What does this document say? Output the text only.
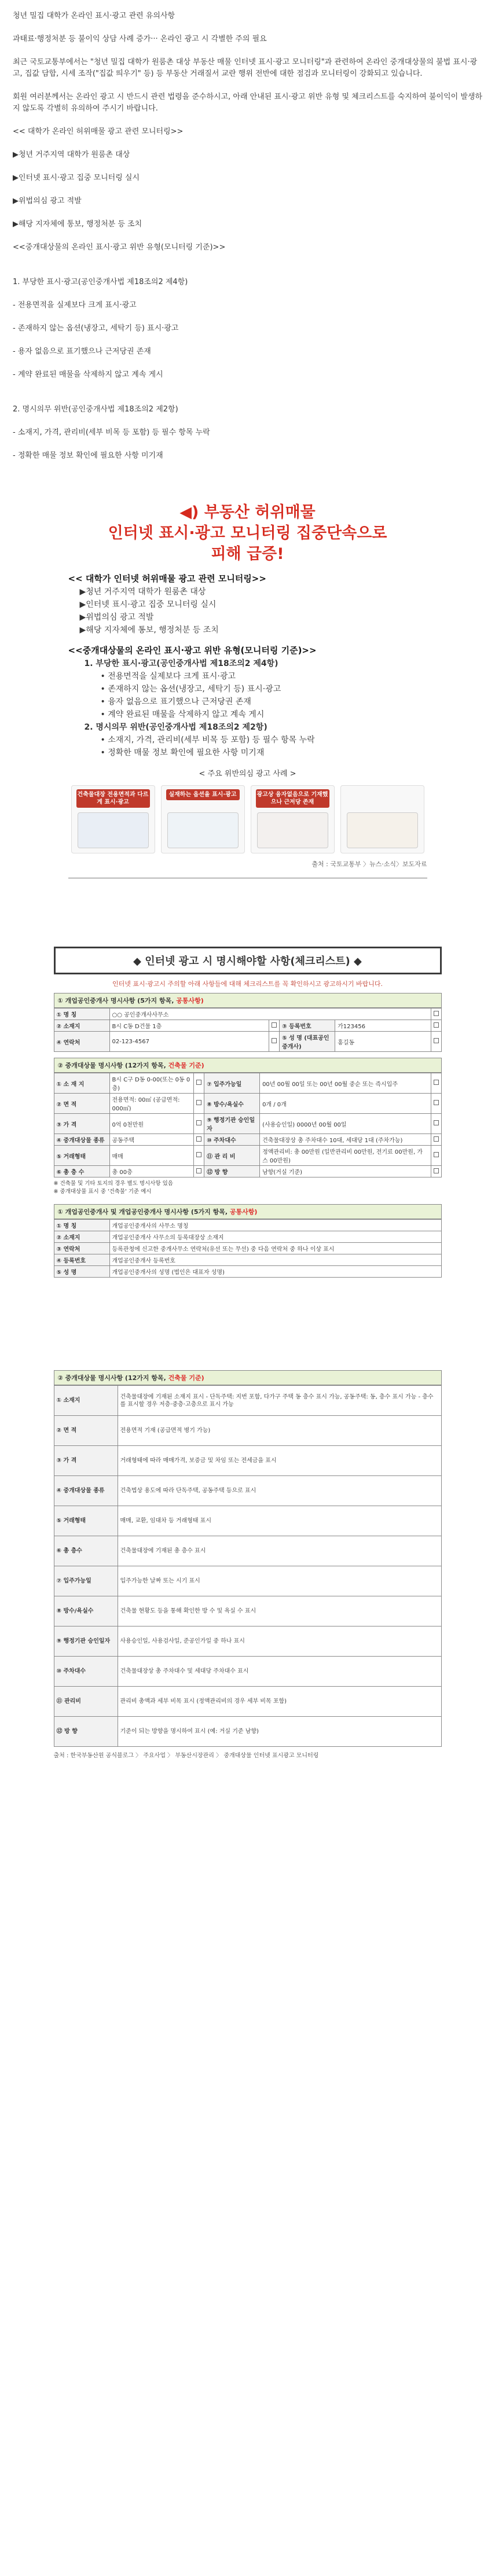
청년 밀집 대학가 온라인 표시·광고 관련 유의사항
과태료·행정처분 등 불이익 상담 사례 증가··· 온라인 광고 시 각별한 주의 필요
최근 국토교통부에서는 "청년 밀집 대학가 원룸촌 대상 부동산 매물 인터넷 표시·광고 모니터링"과 관련하여 온라인 중개대상물의 불법 표시·광고, 집값 담합, 시세 조작("집값 띄우기" 등) 등 부동산 거래질서 교란 행위 전반에 대한 점검과 모니터링이 강화되고 있습니다.
회원 여러분께서는 온라인 광고 시 반드시 관련 법령을 준수하시고, 아래 안내된 표시·광고 위반 유형 및 체크리스트를 숙지하여 불이익이 발생하지 않도록 각별히 유의하여 주시기 바랍니다.
<< 대학가 온라인 허위매물 광고 관련 모니터링>>
▶청년 거주지역 대학가 원룸촌 대상
▶인터넷 표시·광고 집중 모니터링 실시
▶위법의심 광고 적발
▶해당 지자체에 통보, 행정처분 등 조치
<<중개대상물의 온라인 표시·광고 위반 유형(모니터링 기준)>>
1. 부당한 표시·광고(공인중개사법 제18조의2 제4항)
- 전용면적을 실제보다 크게 표시·광고
- 존재하지 않는 옵션(냉장고, 세탁기 등) 표시·광고
- 용자 없음으로 표기했으나 근저당권 존재
- 계약 완료된 매물을 삭제하지 않고 계속 게시
2. 명시의무 위반(공인중개사법 제18조의2 제2항)
- 소재지, 가격, 관리비(세부 비목 등 포함) 등 필수 항목 누락
- 정확한 매물 정보 확인에 필요한 사항 미기재
◀) 부동산 허위매물
인터넷 표시·광고 모니터링 집중단속으로
피해 급증!
<< 대학가 인터넷 허위매물 광고 관련 모니터링>>
▶청년 거주지역 대학가 원룸촌 대상
▶인터넷 표시·광고 집중 모니터링 실시
▶위법의심 광고 적발
▶해당 지자체에 통보, 행정처분 등 조치
<<중개대상물의 온라인 표시·광고 위반 유형(모니터링 기준)>>
1. 부당한 표시·광고(공인중개사법 제18조의2 제4항)
• 전용면적을 실제보다 크게 표시·광고
• 존재하지 않는 옵션(냉장고, 세탁기 등) 표시·광고
• 융자 없음으로 표기했으나 근저당권 존재
• 계약 완료된 매물을 삭제하지 않고 계속 게시
2. 명시의무 위반(공인중개사법 제18조의2 제2항)
• 소재지, 가격, 관리비(세부 비목 등 포함) 등 필수 항목 누락
• 정확한 매물 정보 확인에 필요한 사항 미기재
< 주요 위반의심 광고 사례 >
건축물대장 전용면적과 다르게 표시·광고
실재하는 옵션을 표시·광고	광고상 융자없음으로 기재했으나 근저당 존재
출처 : 국토교통부 〉뉴스·소식〉보도자료
◆ 인터넷 광고 시 명시해야할 사항(체크리스트) ◆
인터넷 표시·광고시 주의할 아래 사항들에 대해 체크리스트를 꼭 확인하시고 광고하시기 바랍니다.
① 개업공인중개사 명시사항 (5가지 항목, 공통사항)
① 명 칭	○○ 공인중개사사무소				
② 소재지	B시 C동 D건물 1층		③ 등록번호	가123456	
④ 연락처	02-123-4567		⑤ 성 명 (대표공인중개사)	홍길동	
② 중개대상물 명시사항 (12가지 항목, 건축물 기준)
① 소 재 지	B시 C구 D동 0-00(또는 0동 0층)		⑦ 입주가능일	00년 00월 00일 또는 00년 00월 중순 또는 즉시입주	
② 면 적	전용면적: 00㎡ (공급면적: 000㎡)		⑧ 방수/욕실수	0개 / 0개	
③ 가 격	0억 0천만원		⑨ 행정기관 승인일자	(사용승인일) 0000년 00월 00일	
④ 중개대상물 종류	공동주택		⑩ 주차대수	건축물대장상 총 주차대수 10대, 세대당 1대 (주차가능)	
⑤ 거래형태	매매		⑪ 관 리 비	정액관리비: 총 00만원 (일반관리비 00만원, 전기료 00만원, 가스 00만원)	
⑥ 총 층 수	총 00층		⑫ 방 향	남향(거실 기준)	
※ 건축물 및 기타 토지의 경우 별도 명시사항 있음
※ 중개대상물 표시 중 '건축물' 기준 예시
① 개업공인중개사 및 개업공인중개사 명시사항 (5가지 항목, 공통사항)
① 명 칭	개업공인중개사의 사무소 명칭
② 소재지	개업공인중개사 사무소의 등록대장상 소재지
③ 연락처	등록관청에 신고한 중개사무소 연락처(유선 또는 무선) 중 다음 연락처 중 하나 이상 표시
④ 등록번호	개업공인중개사 등록번호
⑤ 성 명	개업공인중개사의 성명 (법인은 대표자 성명)
② 중개대상물 명시사항 (12가지 항목, 건축물 기준)
① 소재지	건축물대장에 기재된 소재지 표시 - 단독주택: 지번 포함, 다가구 주택 동 층수 표시 가능, 공동주택: 동, 층수 표시 가능 - 층수를 표시할 경우 저층·중층·고층으로 표시 가능
② 면 적	전용면적 기재 (공급면적 병기 가능)
③ 가 격	거래형태에 따라 매매가격, 보증금 및 차임 또는 전세금을 표시
④ 중개대상물 종류	건축법상 용도에 따라 단독주택, 공동주택 등으로 표시
⑤ 거래형태	매매, 교환, 임대차 등 거래형태 표시
⑥ 총 층수	건축물대장에 기재된 총 층수 표시
⑦ 입주가능일	입주가능한 날짜 또는 시기 표시
⑧ 방수/욕실수	건축물 현황도 등을 통해 확인한 방 수 및 욕실 수 표시
⑨ 행정기관 승인일자	사용승인일, 사용검사일, 준공인가일 중 하나 표시
⑩ 주차대수	건축물대장상 총 주차대수 및 세대당 주차대수 표시
⑪ 관리비	관리비 총액과 세부 비목 표시 (정액관리비의 경우 세부 비목 포함)
⑫ 방 향	기준이 되는 방향을 명시하여 표시 (예: 거실 기준 남향)
출처 : 한국부동산원 공식블로그 〉 주요사업 〉 부동산시장관리 〉 중개대상물 인터넷 표시광고 모니터링
